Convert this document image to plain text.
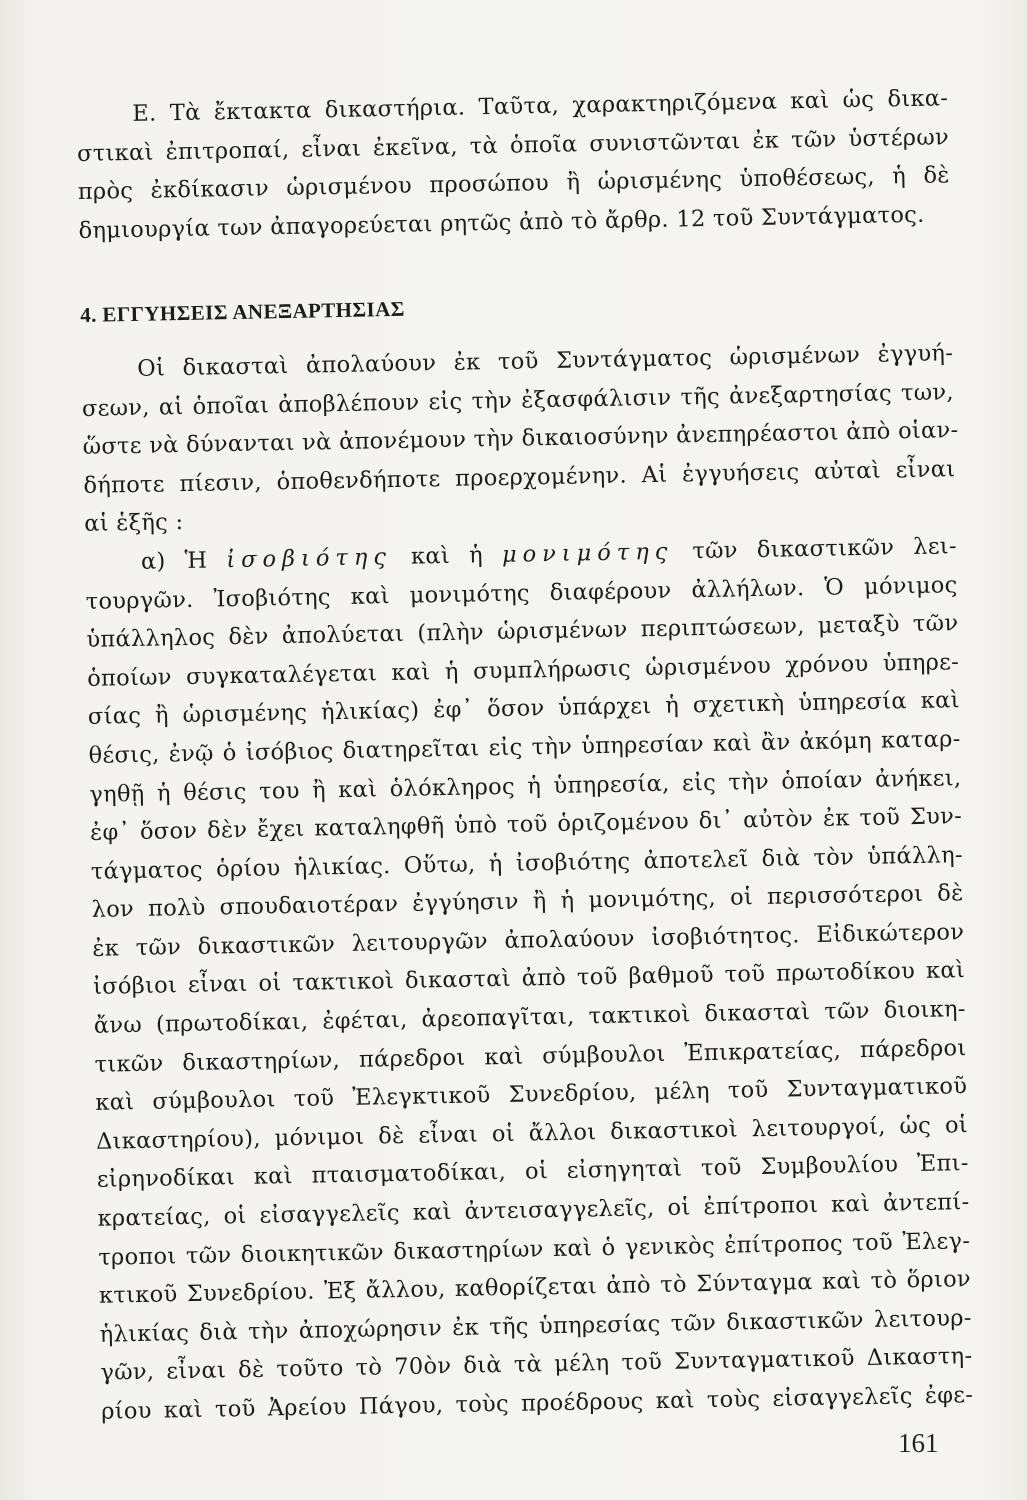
Ε. Τὰ ἔκτακτα δικαστήρια. Ταῦτα, χαρακτηριζόμενα καὶ ὡς δικα-
στικαὶ ἐπιτροπαί, εἶναι ἐκεῖνα, τὰ ὁποῖα συνιστῶνται ἐκ τῶν ὑστέρων
πρὸς ἐκδίκασιν ὡρισμένου προσώπου ἢ ὡρισμένης ὑποθέσεως, ἡ δὲ
δημιουργία των ἀπαγορεύεται ρητῶς ἀπὸ τὸ ἄρθρ. 12 τοῦ Συντάγματος.
4. ΕΓΓΥΗΣΕΙΣ ΑΝΕΞΑΡΤΗΣΙΑΣ
Οἱ δικασταὶ ἀπολαύουν ἐκ τοῦ Συντάγματος ὡρισμένων ἐγγυή-
σεων, αἱ ὁποῖαι ἀποβλέπουν εἰς τὴν ἐξασφάλισιν τῆς ἀνεξαρτησίας των,
ὥστε νὰ δύνανται νὰ ἀπονέμουν τὴν δικαιοσύνην ἀνεπηρέαστοι ἀπὸ οἱαν-
δήποτε πίεσιν, ὁποθενδήποτε προερχομένην. Αἱ ἐγγυήσεις αὐταὶ εἶναι
αἱ ἑξῆς :
α) Ἡ ἰσοβιότης καὶ ἡ μονιμότης τῶν δικαστικῶν λει-
τουργῶν. Ἰσοβιότης καὶ μονιμότης διαφέρουν ἀλλήλων. Ὁ μόνιμος
ὑπάλληλος δὲν ἀπολύεται (πλὴν ὡρισμένων περιπτώσεων, μεταξὺ τῶν
ὁποίων συγκαταλέγεται καὶ ἡ συμπλήρωσις ὡρισμένου χρόνου ὑπηρε-
σίας ἢ ὡρισμένης ἡλικίας) ἐφ᾽ ὅσον ὑπάρχει ἡ σχετικὴ ὑπηρεσία καὶ
θέσις, ἐνῷ ὁ ἰσόβιος διατηρεῖται εἰς τὴν ὑπηρεσίαν καὶ ἂν ἀκόμη καταρ-
γηθῇ ἡ θέσις του ἢ καὶ ὁλόκληρος ἡ ὑπηρεσία, εἰς τὴν ὁποίαν ἀνήκει,
ἐφ᾽ ὅσον δὲν ἔχει καταληφθῆ ὑπὸ τοῦ ὁριζομένου δι᾽ αὐτὸν ἐκ τοῦ Συν-
τάγματος ὁρίου ἡλικίας. Οὕτω, ἡ ἰσοβιότης ἀποτελεῖ διὰ τὸν ὑπάλλη-
λον πολὺ σπουδαιοτέραν ἐγγύησιν ἢ ἡ μονιμότης, οἱ περισσότεροι δὲ
ἐκ τῶν δικαστικῶν λειτουργῶν ἀπολαύουν ἰσοβιότητος. Εἰδικώτερον
ἰσόβιοι εἶναι οἱ τακτικοὶ δικασταὶ ἀπὸ τοῦ βαθμοῦ τοῦ πρωτοδίκου καὶ
ἄνω (πρωτοδίκαι, ἐφέται, ἀρεοπαγῖται, τακτικοὶ δικασταὶ τῶν διοικη-
τικῶν δικαστηρίων, πάρεδροι καὶ σύμβουλοι Ἐπικρατείας, πάρεδροι
καὶ σύμβουλοι τοῦ Ἐλεγκτικοῦ Συνεδρίου, μέλη τοῦ Συνταγματικοῦ
Δικαστηρίου), μόνιμοι δὲ εἶναι οἱ ἄλλοι δικαστικοὶ λειτουργοί, ὡς οἱ
εἰρηνοδίκαι καὶ πταισματοδίκαι, οἱ εἰσηγηταὶ τοῦ Συμβουλίου Ἐπι-
κρατείας, οἱ εἰσαγγελεῖς καὶ ἀντεισαγγελεῖς, οἱ ἐπίτροποι καὶ ἀντεπί-
τροποι τῶν διοικητικῶν δικαστηρίων καὶ ὁ γενικὸς ἐπίτροπος τοῦ Ἐλεγ-
κτικοῦ Συνεδρίου. Ἐξ ἄλλου, καθορίζεται ἀπὸ τὸ Σύνταγμα καὶ τὸ ὅριον
ἡλικίας διὰ τὴν ἀποχώρησιν ἐκ τῆς ὑπηρεσίας τῶν δικαστικῶν λειτουρ-
γῶν, εἶναι δὲ τοῦτο τὸ 70ὸν διὰ τὰ μέλη τοῦ Συνταγματικοῦ Δικαστη-
ρίου καὶ τοῦ Ἀρείου Πάγου, τοὺς προέδρους καὶ τοὺς εἰσαγγελεῖς ἐφε-
161
